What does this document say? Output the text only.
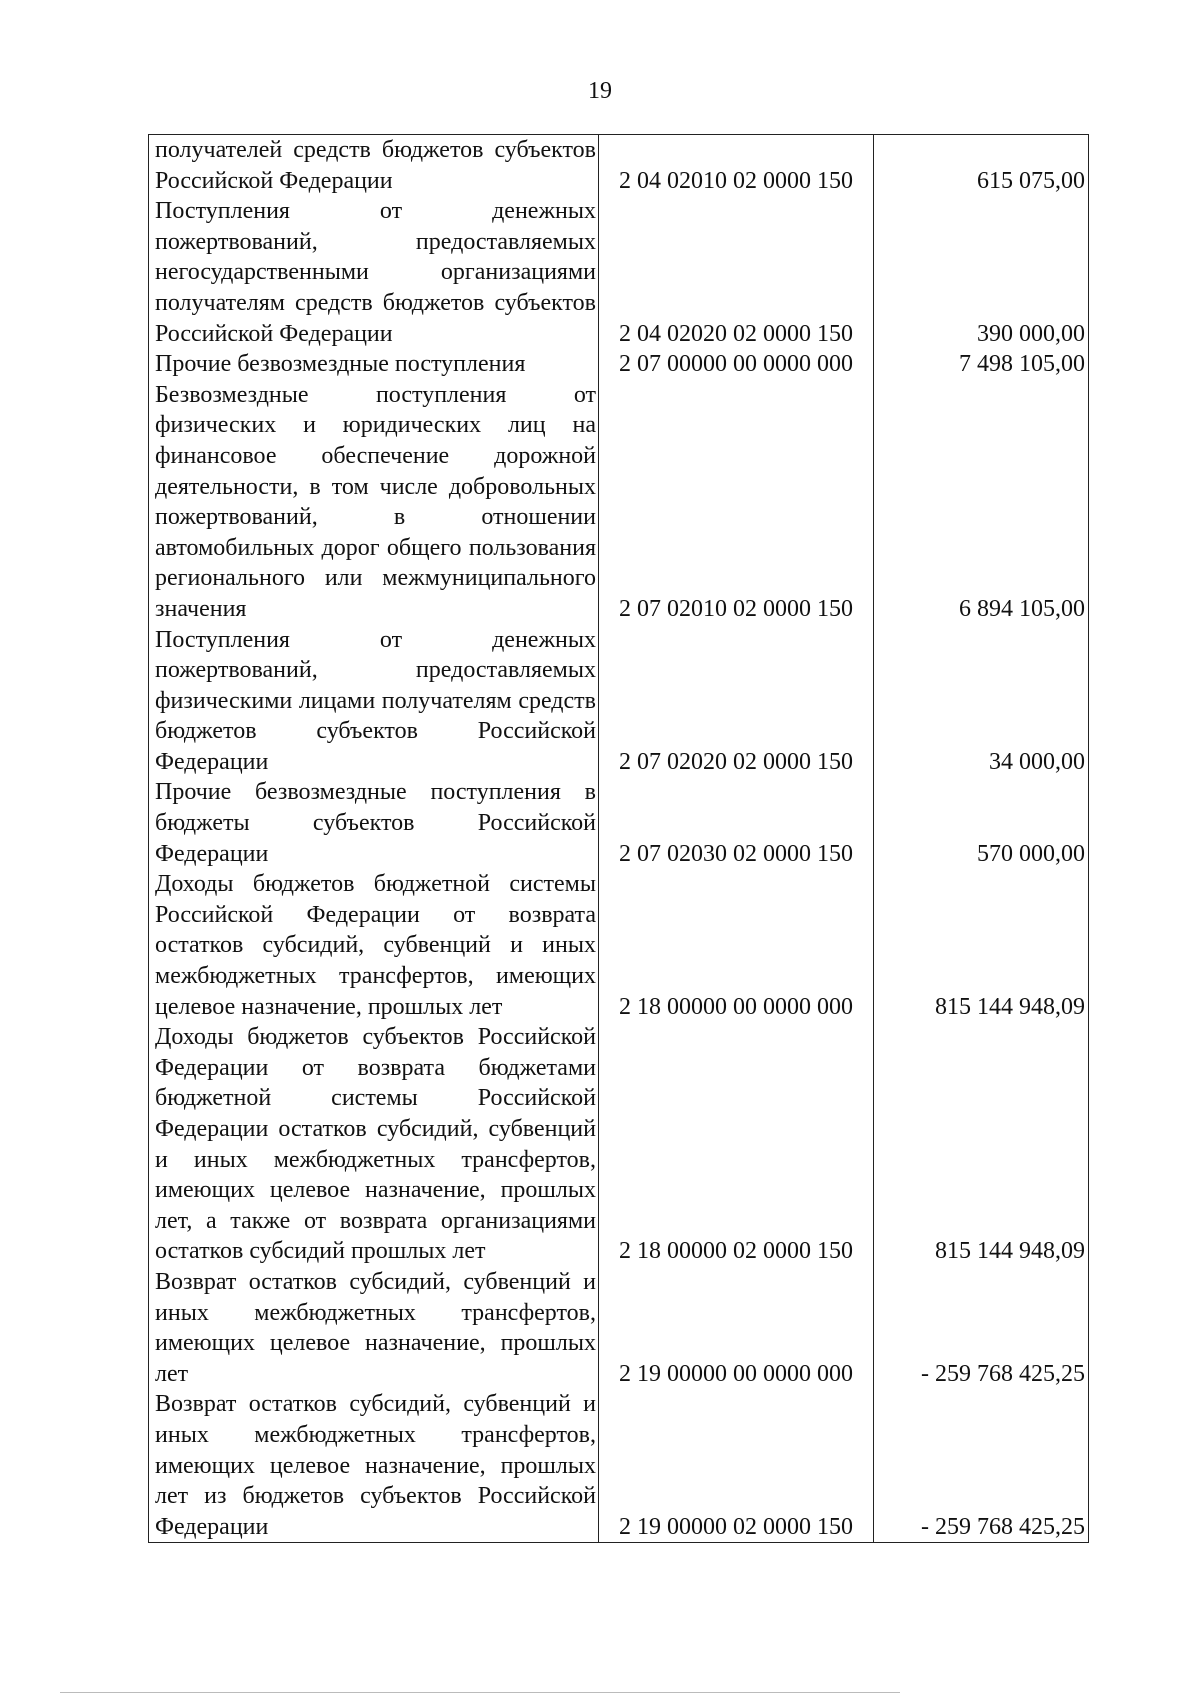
19
получателей средств бюджетов субъектов Российской Федерации	2 04 02010 02 0000 150	615 075,00
Поступления от денежных пожертвований, предоставляемых негосударственными организациями получателям средств бюджетов субъектов Российской Федерации	2 04 02020 02 0000 150	390 000,00
Прочие безвозмездные поступления	2 07 00000 00 0000 000	7 498 105,00
Безвозмездные поступления от физических и юридических лиц на финансовое обеспечение дорожной деятельности, в том числе добровольных пожертвований, в отношении автомобильных дорог общего пользования регионального или межмуниципального значения	2 07 02010 02 0000 150	6 894 105,00
Поступления от денежных пожертвований, предоставляемых физическими лицами получателям средств бюджетов субъектов Российской Федерации	2 07 02020 02 0000 150	34 000,00
Прочие безвозмездные поступления в бюджеты субъектов Российской Федерации	2 07 02030 02 0000 150	570 000,00
Доходы бюджетов бюджетной системы Российской Федерации от возврата остатков субсидий, субвенций и иных межбюджетных трансфертов, имеющих целевое назначение, прошлых лет	2 18 00000 00 0000 000	815 144 948,09
Доходы бюджетов субъектов Российской Федерации от возврата бюджетами бюджетной системы Российской Федерации остатков субсидий, субвенций и иных межбюджетных трансфертов, имеющих целевое назначение, прошлых лет, а также от возврата организациями остатков субсидий прошлых лет	2 18 00000 02 0000 150	815 144 948,09
Возврат остатков субсидий, субвенций и иных межбюджетных трансфертов, имеющих целевое назначение, прошлых лет	2 19 00000 00 0000 000	- 259 768 425,25
Возврат остатков субсидий, субвенций и иных межбюджетных трансфертов, имеющих целевое назначение, прошлых лет из бюджетов субъектов Российской Федерации	2 19 00000 02 0000 150	- 259 768 425,25
